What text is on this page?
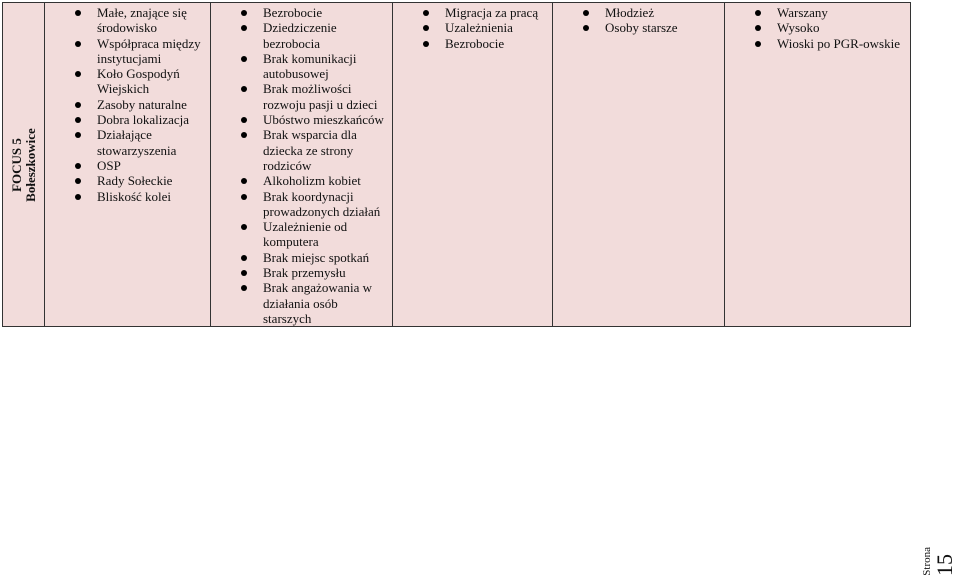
FOCUS 5 Bołeszkowice

Małe, znające się środowisko
Współpraca między instytucjami
Koło Gospodyń Wiejskich
Zasoby naturalne
Dobra lokalizacja
Działające stowarzyszenia
OSP
Rady Sołeckie
Bliskość kolei

Bezrobocie
Dziedziczenie bezrobocia
Brak komunikacji autobusowej
Brak możliwości rozwoju pasji u dzieci
Ubóstwo mieszkańców
Brak wsparcia dla dziecka ze strony rodziców
Alkoholizm kobiet
Brak koordynacji prowadzonych działań
Uzależnienie od komputera
Brak miejsc spotkań
Brak przemysłu
Brak angażowania w działania osób starszych

Migracja za pracą
Uzależnienia
Bezrobocie

Młodzież
Osoby starsze

Warszany
Wysoko
Wioski po PGR-owskie
Strona 15
